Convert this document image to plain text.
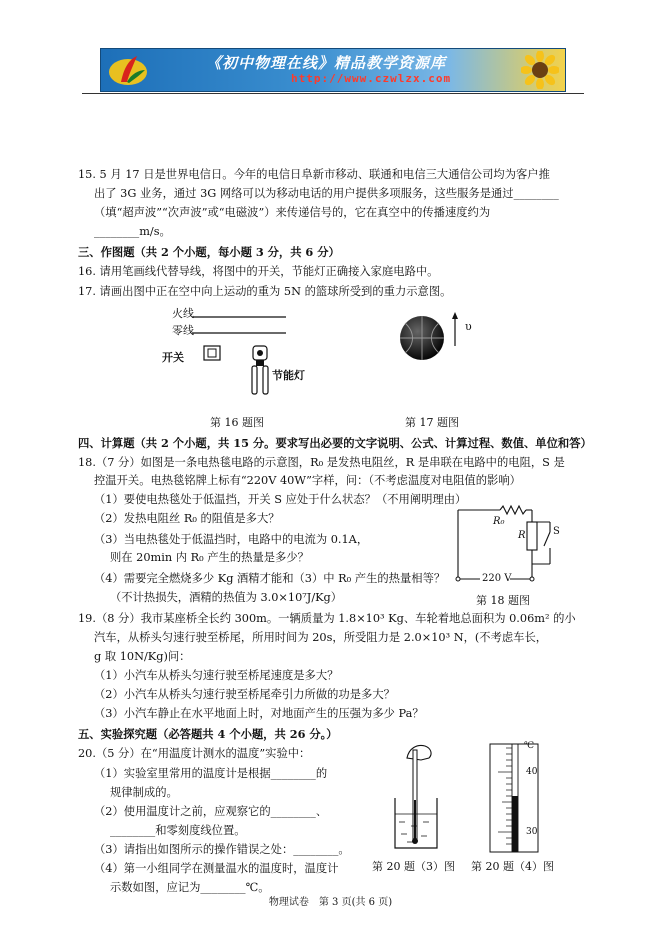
《初中物理在线》精品教学资源库
http://www.czwlzx.com
15. 5 月 17 日是世界电信日。今年的电信日阜新市移动、联通和电信三大通信公司均为客户推
出了 3G 业务，通过 3G 网络可以为移动电话的用户提供多项服务，这些服务是通过________
（填“超声波”“次声波”或“电磁波”）来传递信号的，它在真空中的传播速度约为
________m/s。
三、作图题（共 2 个小题，每小题 3 分，共 6 分）
16. 请用笔画线代替导线，将图中的开关，节能灯正确接入家庭电路中。
17. 请画出图中正在空中向上运动的重为 5N 的篮球所受到的重力示意图。
火线
零线
开关
节能灯
第 16 题图
υ
第 17 题图
四、计算题（共 2 个小题，共 15 分。要求写出必要的文字说明、公式、计算过程、数值、单位和答）
18.（7 分）如图是一条电热毯电路的示意图，R₀ 是发热电阻丝，R 是串联在电路中的电阻，S 是
控温开关。电热毯铭牌上标有“220V 40W”字样，问：（不考虑温度对电阻值的影响）
（1）要使电热毯处于低温挡，开关 S 应处于什么状态？（不用阐明理由）
（2）发热电阻丝 R₀ 的阻值是多大？
（3）当电热毯处于低温挡时，电路中的电流为 0.1A，
则在 20min 内 R₀ 产生的热量是多少？
（4）需要完全燃烧多少 Kg 酒精才能和（3）中 R₀ 产生的热量相等？
（不计热损失，酒精的热值为 3.0×10⁷J/Kg）
R₀
R	S
220 V
第 18 题图
19.（8 分）我市某座桥全长约 300m。一辆质量为 1.8×10³ Kg、车轮着地总面积为 0.06m² 的小
汽车，从桥头匀速行驶至桥尾，所用时间为 20s，所受阻力是 2.0×10³ N，(不考虑车长，
g 取 10N/Kg)问：
（1）小汽车从桥头匀速行驶至桥尾速度是多大？
（2）小汽车从桥头匀速行驶至桥尾牵引力所做的功是多大？
（3）小汽车静止在水平地面上时，对地面产生的压强为多少 Pa？
五、实验探究题（必答题共 4 个小题，共 26 分。）
20.（5 分）在“用温度计测水的温度”实验中：
（1）实验室里常用的温度计是根据________的
规律制成的。
（2）使用温度计之前，应观察它的________、
________和零刻度线位置。
（3）请指出如图所示的操作错误之处：________。
（4）第一小组同学在测量温水的温度时，温度计
示数如图，应记为________℃。
第 20 题（3）图
℃
40
30
第 20 题（4）图
物理试卷　第 3 页(共 6 页)
